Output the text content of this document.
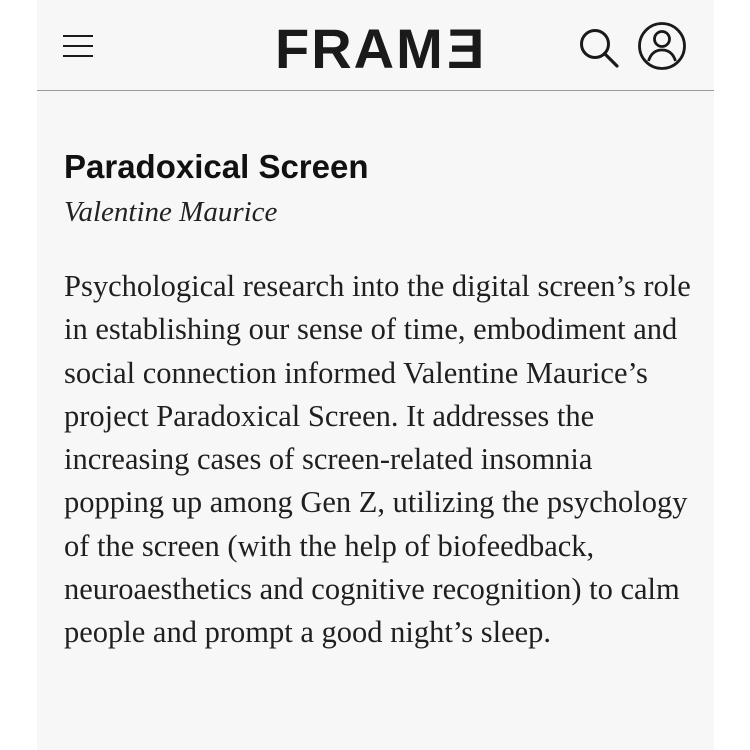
FRAME
Paradoxical Screen
Valentine Maurice

Psychological research into the digital screen’s role in establishing our sense of time, embodiment and social connection informed Valentine Maurice’s project Paradoxical Screen. It addresses the increasing cases of screen-related insomnia popping up among Gen Z, utilizing the psychology of the screen (with the help of biofeedback, neuroaesthetics and cognitive recognition) to calm people and prompt a good night’s sleep.
